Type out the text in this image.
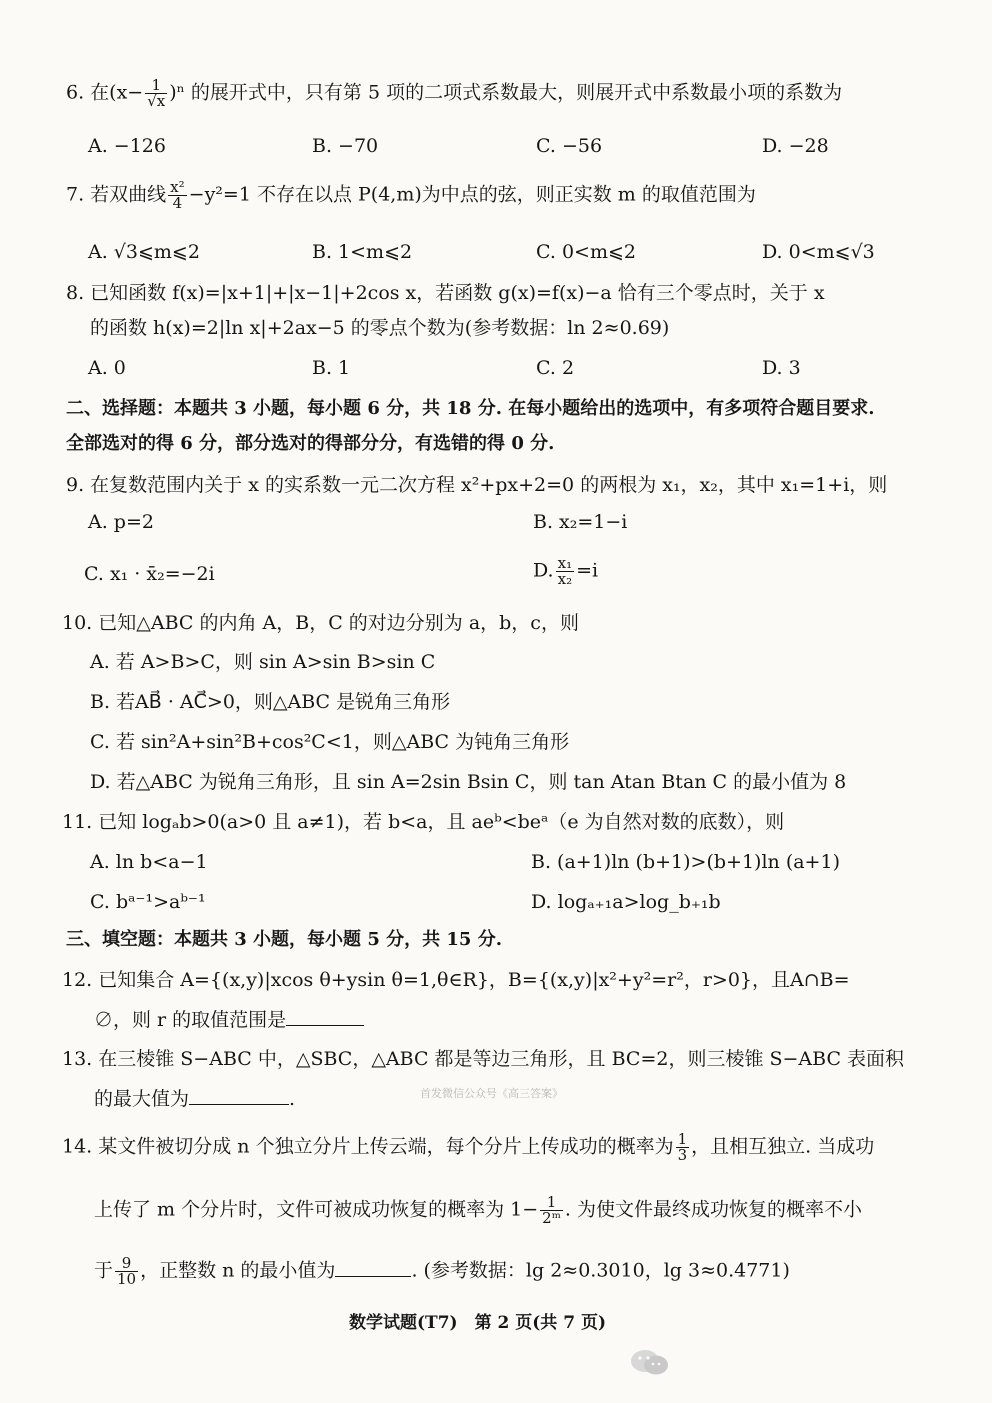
6. 在$(x- \frac{1}{√x} )^n$ 的展开式中，只有第 5 项的二项式系数最大，则展开式中系数最小项的系数为
A. −126	B. −70	C. −56	D. −28
7. 若双曲线 $\frac{\text{x²}}{4} -y^2=1$ 不存在以点 P(4,m)为中点的弦，则正实数 m 的取值范围为
A. √3⩽m⩽2	B. 1<m⩽2	C. 0<m⩽2	D. 0<m⩽√3
8. 已知函数 f(x)=|x+1|+|x−1|+2cos x，若函数 g(x)=f(x)−a 恰有三个零点时，关于 x
的函数 h(x)=2|ln x|+2ax−5 的零点个数为(参考数据：ln 2≈0.69)
A. 0	B. 1	C. 2	D. 3
二、选择题：本题共 3 小题，每小题 6 分，共 18 分. 在每小题给出的选项中，有多项符合题目要求.
全部选对的得 6 分，部分选对的得部分分，有选错的得 0 分.
9. 在复数范围内关于 x 的实系数一元二次方程 x²+px+2=0 的两根为 x₁，x₂，其中 x₁=1+i，则
A. p=2	B. x₂=1−i
C. x₁ · x̄₂=−2i	D. $\frac{\text{x₁}}{\text{x₂}} =i$
10. 已知△ABC 的内角 A，B，C 的对边分别为 a，b，c，则
A. 若 A>B>C，则 sin A>sin B>sin C
B. 若AB⃗ · AC⃗>0，则△ABC 是锐角三角形
C. 若 sin²A+sin²B+cos²C<1，则△ABC 为钝角三角形
D. 若△ABC 为锐角三角形，且 sin A=2sin Bsin C，则 tan Atan Btan C 的最小值为 8
11. 已知 logₐb>0(a>0 且 a≠1)，若 b<a，且 aeᵇ<beᵃ（e 为自然对数的底数），则
A. ln b<a−1	B. (a+1)ln (b+1)>(b+1)ln (a+1)
C. bᵃ⁻¹>aᵇ⁻¹	D. logₐ₊₁a>log_b₊₁b
三、填空题：本题共 3 小题，每小题 5 分，共 15 分.
12. 已知集合 A={(x,y)|xcos θ+ysin θ=1,θ∈R}，B={(x,y)|x²+y²=r²，r>0}，且A∩B=
∅，则 r 的取值范围是
13. 在三棱锥 S−ABC 中，△SBC，△ABC 都是等边三角形，且 BC=2，则三棱锥 S−ABC 表面积
的最大值为	.	首发微信公众号《高三答案》
14. 某文件被切分成 n 个独立分片上传云端，每个分片上传成功的概率为 $\frac{1}{3}$ ，且相互独立. 当成功
上传了 m 个分片时，文件可被成功恢复的概率为 $1- \frac{1}{\text{2ᵐ}}$ . 为使文件最终成功恢复的概率不小
于 $\frac{9}{10}$ ，正整数 n 的最小值为	. (参考数据：lg 2≈0.3010，lg 3≈0.4771)
数学试题(T7)　第 2 页(共 7 页)
